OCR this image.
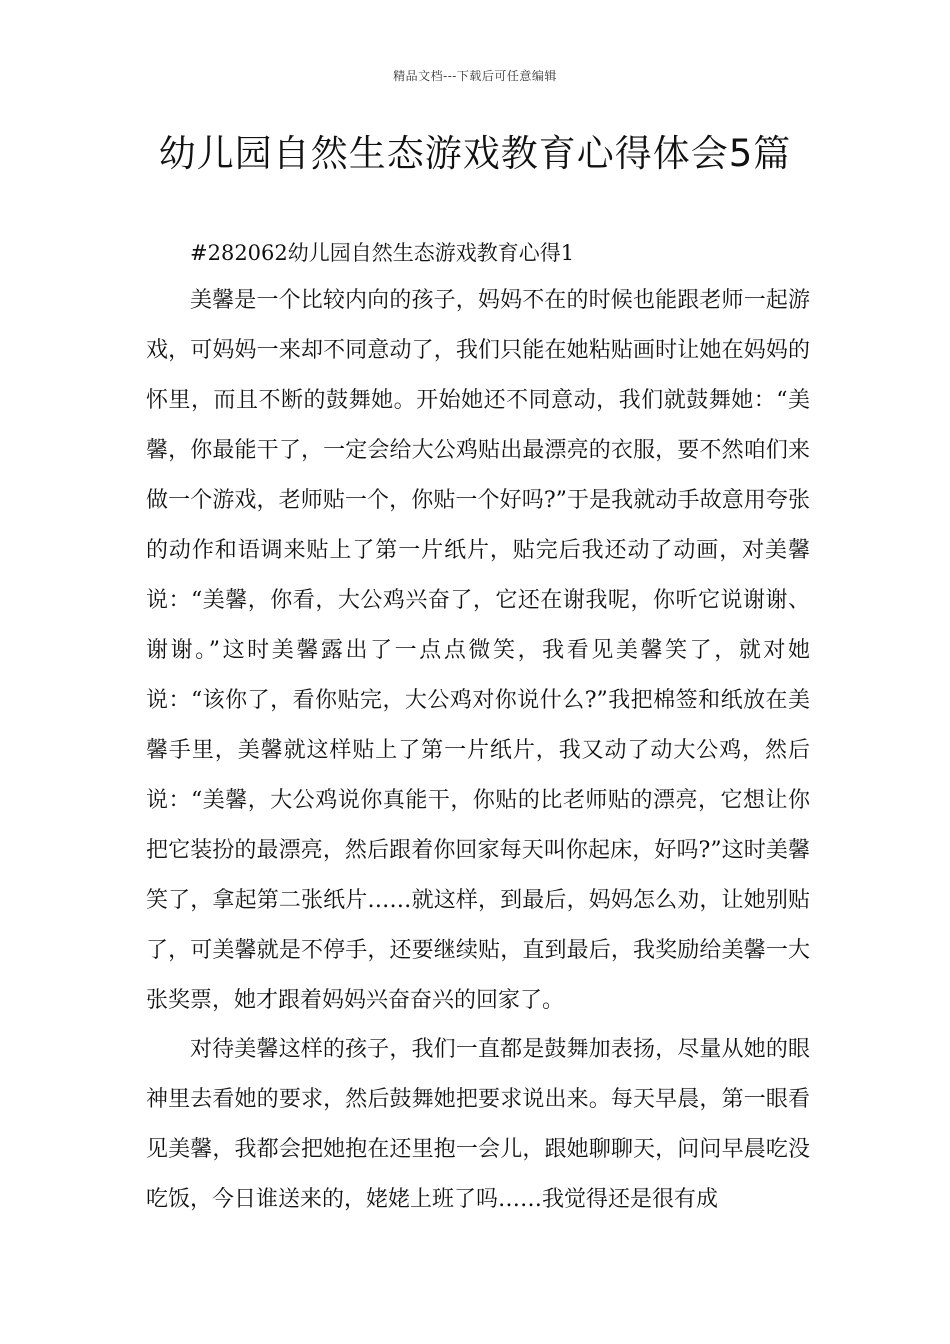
精品文档---下载后可任意编辑
幼儿园自然生态游戏教育心得体会5篇

#282062幼儿园自然生态游戏教育心得1

美馨是一个比较内向的孩子，妈妈不在的时候也能跟老师一起游戏，可妈妈一来却不同意动了，我们只能在她粘贴画时让她在妈妈的怀里，而且不断的鼓舞她。开始她还不同意动，我们就鼓舞她：“美馨，你最能干了，一定会给大公鸡贴出最漂亮的衣服，要不然咱们来做一个游戏，老师贴一个，你贴一个好吗?”于是我就动手故意用夸张的动作和语调来贴上了第一片纸片，贴完后我还动了动画，对美馨说：“美馨，你看，大公鸡兴奋了，它还在谢我呢，你听它说谢谢、谢谢。”这时美馨露出了一点点微笑，我看见美馨笑了，就对她说：“该你了，看你贴完，大公鸡对你说什么?”我把棉签和纸放在美馨手里，美馨就这样贴上了第一片纸片，我又动了动大公鸡，然后说：“美馨，大公鸡说你真能干，你贴的比老师贴的漂亮，它想让你把它装扮的最漂亮，然后跟着你回家每天叫你起床，好吗?”这时美馨笑了，拿起第二张纸片……就这样，到最后，妈妈怎么劝，让她别贴了，可美馨就是不停手，还要继续贴，直到最后，我奖励给美馨一大张奖票，她才跟着妈妈兴奋奋兴的回家了。

对待美馨这样的孩子，我们一直都是鼓舞加表扬，尽量从她的眼神里去看她的要求，然后鼓舞她把要求说出来。每天早晨，第一眼看见美馨，我都会把她抱在还里抱一会儿，跟她聊聊天，问问早晨吃没吃饭，今日谁送来的，姥姥上班了吗……我觉得还是很有成
